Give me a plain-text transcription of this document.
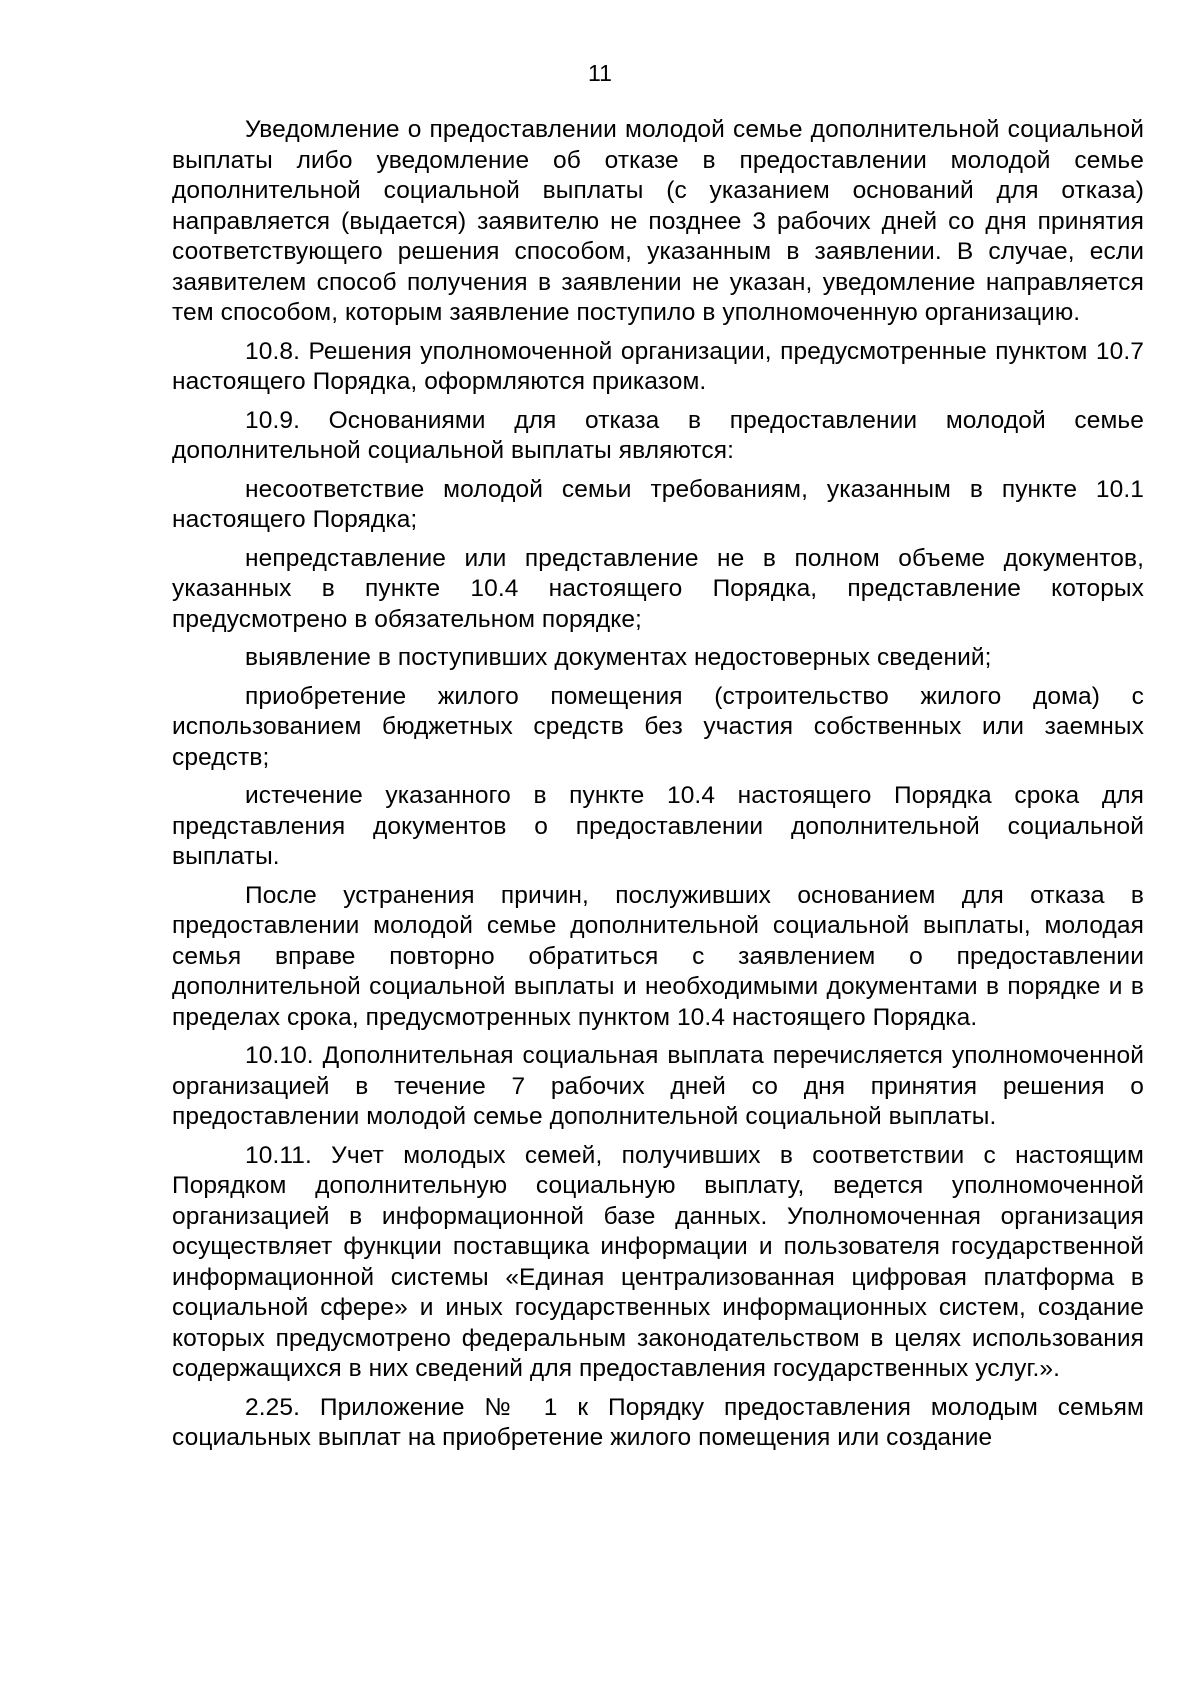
11

Уведомление о предоставлении молодой семье дополнительной социальной выплаты либо уведомление об отказе в предоставлении молодой семье дополнительной социальной выплаты (с указанием оснований для отказа) направляется (выдается) заявителю не позднее 3 рабочих дней со дня принятия соответствующего решения способом, указанным в заявлении. В случае, если заявителем способ получения в заявлении не указан, уведомление направляется тем способом, которым заявление поступило в уполномоченную организацию.

10.8. Решения уполномоченной организации, предусмотренные пунктом 10.7 настоящего Порядка, оформляются приказом.

10.9. Основаниями для отказа в предоставлении молодой семье дополнительной социальной выплаты являются:

несоответствие молодой семьи требованиям, указанным в пункте 10.1 настоящего Порядка;

непредставление или представление не в полном объеме документов, указанных в пункте 10.4 настоящего Порядка, представление которых предусмотрено в обязательном порядке;

выявление в поступивших документах недостоверных сведений;

приобретение жилого помещения (строительство жилого дома) с использованием бюджетных средств без участия собственных или заемных средств;

истечение указанного в пункте 10.4 настоящего Порядка срока для представления документов о предоставлении дополнительной социальной выплаты.

После устранения причин, послуживших основанием для отказа в предоставлении молодой семье дополнительной социальной выплаты, молодая семья вправе повторно обратиться с заявлением о предоставлении дополнительной социальной выплаты и необходимыми документами в порядке и в пределах срока, предусмотренных пунктом 10.4 настоящего Порядка.

10.10. Дополнительная социальная выплата перечисляется уполномоченной организацией в течение 7 рабочих дней со дня принятия решения о предоставлении молодой семье дополнительной социальной выплаты.

10.11. Учет молодых семей, получивших в соответствии с настоящим Порядком дополнительную социальную выплату, ведется уполномоченной организацией в информационной базе данных. Уполномоченная организация осуществляет функции поставщика информации и пользователя государственной информационной системы «Единая централизованная цифровая платформа в социальной сфере» и иных государственных информационных систем, создание которых предусмотрено федеральным законодательством в целях использования содержащихся в них сведений для предоставления государственных услуг.».

2.25. Приложение № 1 к Порядку предоставления молодым семьям социальных выплат на приобретение жилого помещения или создание
